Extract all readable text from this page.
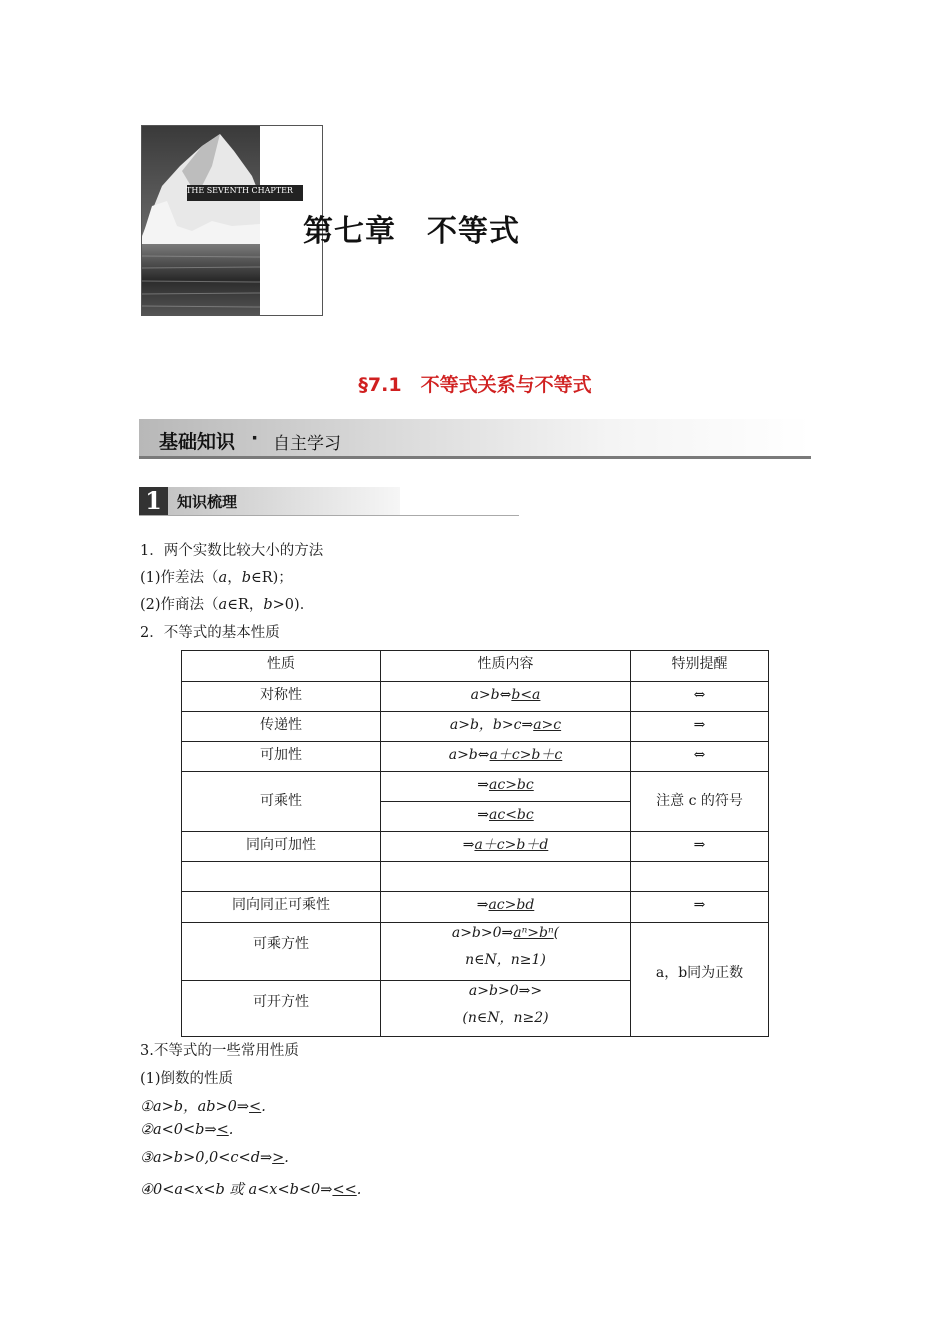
THE SEVENTH CHAPTER
第七章　不等式
§7.1　不等式关系与不等式
基础知识 · 自主学习
1	知识梳理
1．两个实数比较大小的方法
(1)作差法（a，b∈R)；
(2)作商法（a∈R，b>0)．
2．不等式的基本性质
性质	性质内容	特别提醒

对称性	a>b⇔b<a	⇔

传递性	a>b，b>c⇒a>c	⇒

可加性	a>b⇔a＋c>b＋c	⇔

可乘性	⇒ac>bc	注意 c 的符号

	⇒ac<bc	

同向可加性	⇒a＋c>b＋d	⇒

同向同正可乘性	⇒ac>bd	⇒

可乘方性	a>b>0⇒aⁿ>bⁿ(
n∈N，n≥1)	a，b同为正数

可开方性	a>b>0⇒>
(n∈N，n≥2)	
3.不等式的一些常用性质
(1)倒数的性质
①a>b，ab>0⇒<.
②a<0<b⇒<.
③a>b>0,0<c<d⇒>.
④0<a<x<b 或 a<x<b<0⇒<<.
